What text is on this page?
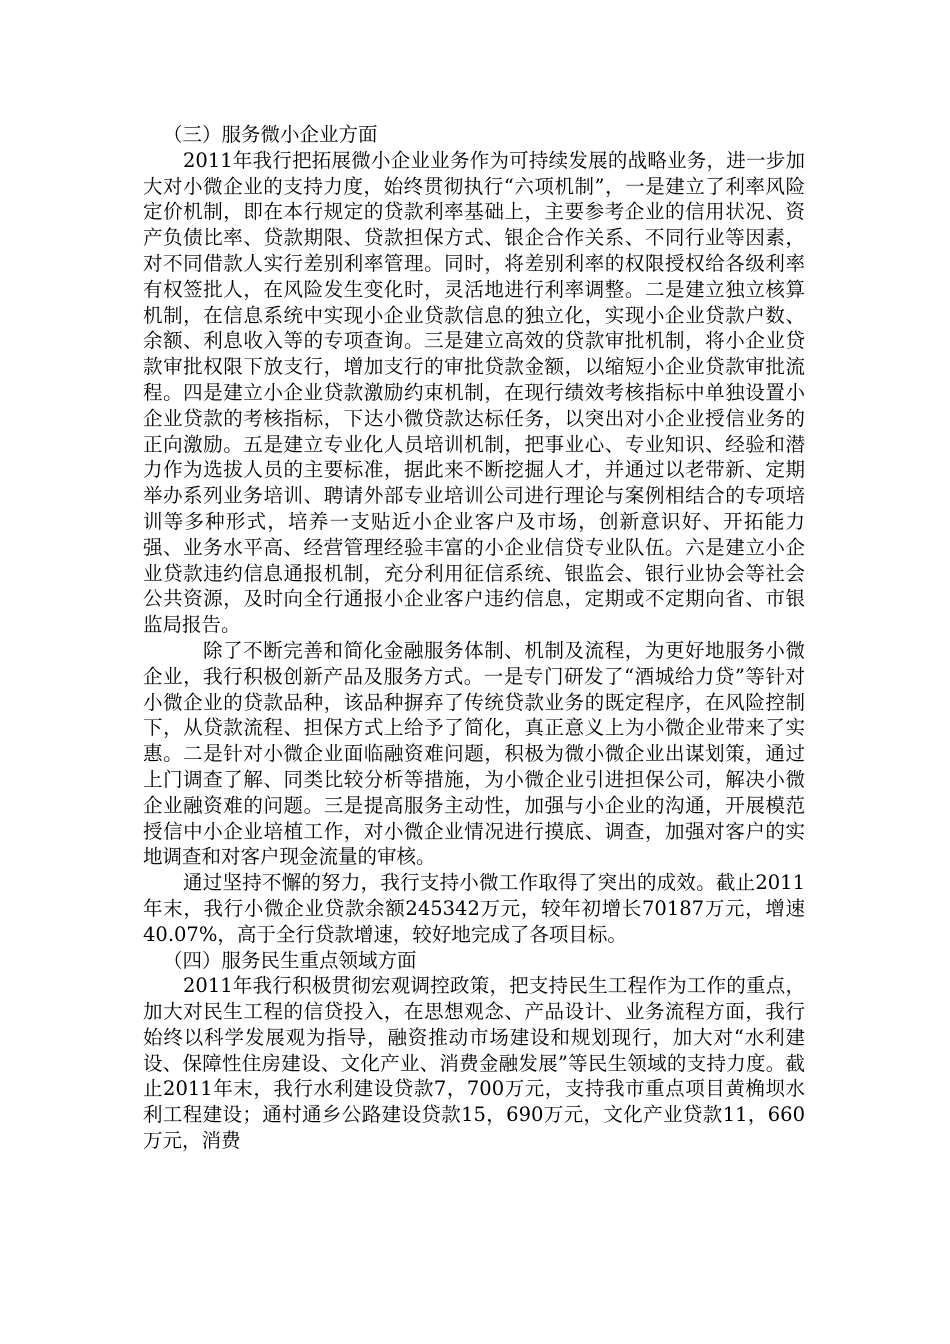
（三）服务微小企业方面

2011年我行把拓展微小企业业务作为可持续发展的战略业务，进一步加大对小微企业的支持力度，始终贯彻执行“六项机制”，一是建立了利率风险定价机制，即在本行规定的贷款利率基础上，主要参考企业的信用状况、资产负债比率、贷款期限、贷款担保方式、银企合作关系、不同行业等因素，对不同借款人实行差别利率管理。同时，将差别利率的权限授权给各级利率有权签批人，在风险发生变化时，灵活地进行利率调整。二是建立独立核算机制，在信息系统中实现小企业贷款信息的独立化，实现小企业贷款户数、余额、利息收入等的专项查询。三是建立高效的贷款审批机制，将小企业贷款审批权限下放支行，增加支行的审批贷款金额，以缩短小企业贷款审批流程。四是建立小企业贷款激励约束机制，在现行绩效考核指标中单独设置小企业贷款的考核指标，下达小微贷款达标任务，以突出对小企业授信业务的正向激励。五是建立专业化人员培训机制，把事业心、专业知识、经验和潜力作为选拔人员的主要标准，据此来不断挖掘人才，并通过以老带新、定期举办系列业务培训、聘请外部专业培训公司进行理论与案例相结合的专项培训等多种形式，培养一支贴近小企业客户及市场，创新意识好、开拓能力强、业务水平高、经营管理经验丰富的小企业信贷专业队伍。六是建立小企业贷款违约信息通报机制，充分利用征信系统、银监会、银行业协会等社会公共资源，及时向全行通报小企业客户违约信息，定期或不定期向省、市银监局报告。

除了不断完善和简化金融服务体制、机制及流程，为更好地服务小微企业，我行积极创新产品及服务方式。一是专门研发了“酒城给力贷”等针对小微企业的贷款品种，该品种摒弃了传统贷款业务的既定程序，在风险控制下，从贷款流程、担保方式上给予了简化，真正意义上为小微企业带来了实惠。二是针对小微企业面临融资难问题，积极为微小微企业出谋划策，通过上门调查了解、同类比较分析等措施，为小微企业引进担保公司，解决小微企业融资难的问题。三是提高服务主动性，加强与小企业的沟通，开展模范授信中小企业培植工作，对小微企业情况进行摸底、调查，加强对客户的实地调查和对客户现金流量的审核。

通过坚持不懈的努力，我行支持小微工作取得了突出的成效。截止2011年末，我行小微企业贷款余额245342万元，较年初增长70187万元，增速40.07%，高于全行贷款增速，较好地完成了各项目标。

（四）服务民生重点领域方面

2011年我行积极贯彻宏观调控政策，把支持民生工程作为工作的重点，加大对民生工程的信贷投入，在思想观念、产品设计、业务流程方面，我行始终以科学发展观为指导，融资推动市场建设和规划现行，加大对“水利建设、保障性住房建设、文化产业、消费金融发展”等民生领域的支持力度。截止2011年末，我行水利建设贷款7，700万元，支持我市重点项目黄桷坝水利工程建设；通村通乡公路建设贷款15，690万元，文化产业贷款11，660万元，消费
